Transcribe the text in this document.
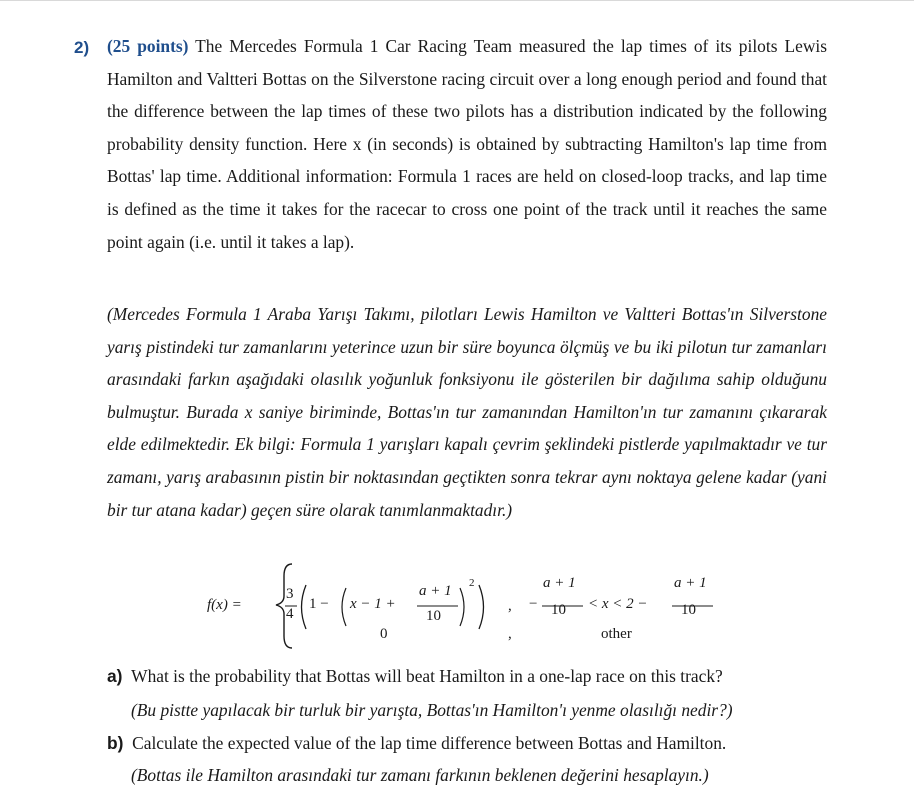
2) (25 points) The Mercedes Formula 1 Car Racing Team measured the lap times of its pilots Lewis Hamilton and Valtteri Bottas on the Silverstone racing circuit over a long enough period and found that the difference between the lap times of these two pilots has a distribution indicated by the following probability density function. Here x (in seconds) is obtained by subtracting Hamilton's lap time from Bottas' lap time. Additional information: Formula 1 races are held on closed-loop tracks, and lap time is defined as the time it takes for the racecar to cross one point of the track until it reaches the same point again (i.e. until it takes a lap).

(Mercedes Formula 1 Araba Yarışı Takımı, pilotları Lewis Hamilton ve Valtteri Bottas'ın Silverstone yarış pistindeki tur zamanlarını yeterince uzun bir süre boyunca ölçmüş ve bu iki pilotun tur zamanları arasındaki farkın aşağıdaki olasılık yoğunluk fonksiyonu ile gösterilen bir dağılıma sahip olduğunu bulmuştur. Burada x saniye biriminde, Bottas'ın tur zamanından Hamilton'ın tur zamanını çıkararak elde edilmektedir. Ek bilgi: Formula 1 yarışları kapalı çevrim şeklindeki pistlerde yapılmaktadır ve tur zamanı, yarış arabasının pistin bir noktasından geçtikten sonra tekrar aynı noktaya gelene kadar (yani bir tur atana kadar) geçen süre olarak tanımlanmaktadır.)

f(x) =
3
4
1 − x − 1 +
a + 1
10
2
, −
a + 1
10 < x < 2 −
a + 1
10
0	,	other
a) What is the probability that Bottas will beat Hamilton in a one-lap race on this track?
(Bu pistte yapılacak bir turluk bir yarışta, Bottas'ın Hamilton'ı yenme olasılığı nedir?)
b) Calculate the expected value of the lap time difference between Bottas and Hamilton.
(Bottas ile Hamilton arasındaki tur zamanı farkının beklenen değerini hesaplayın.)
